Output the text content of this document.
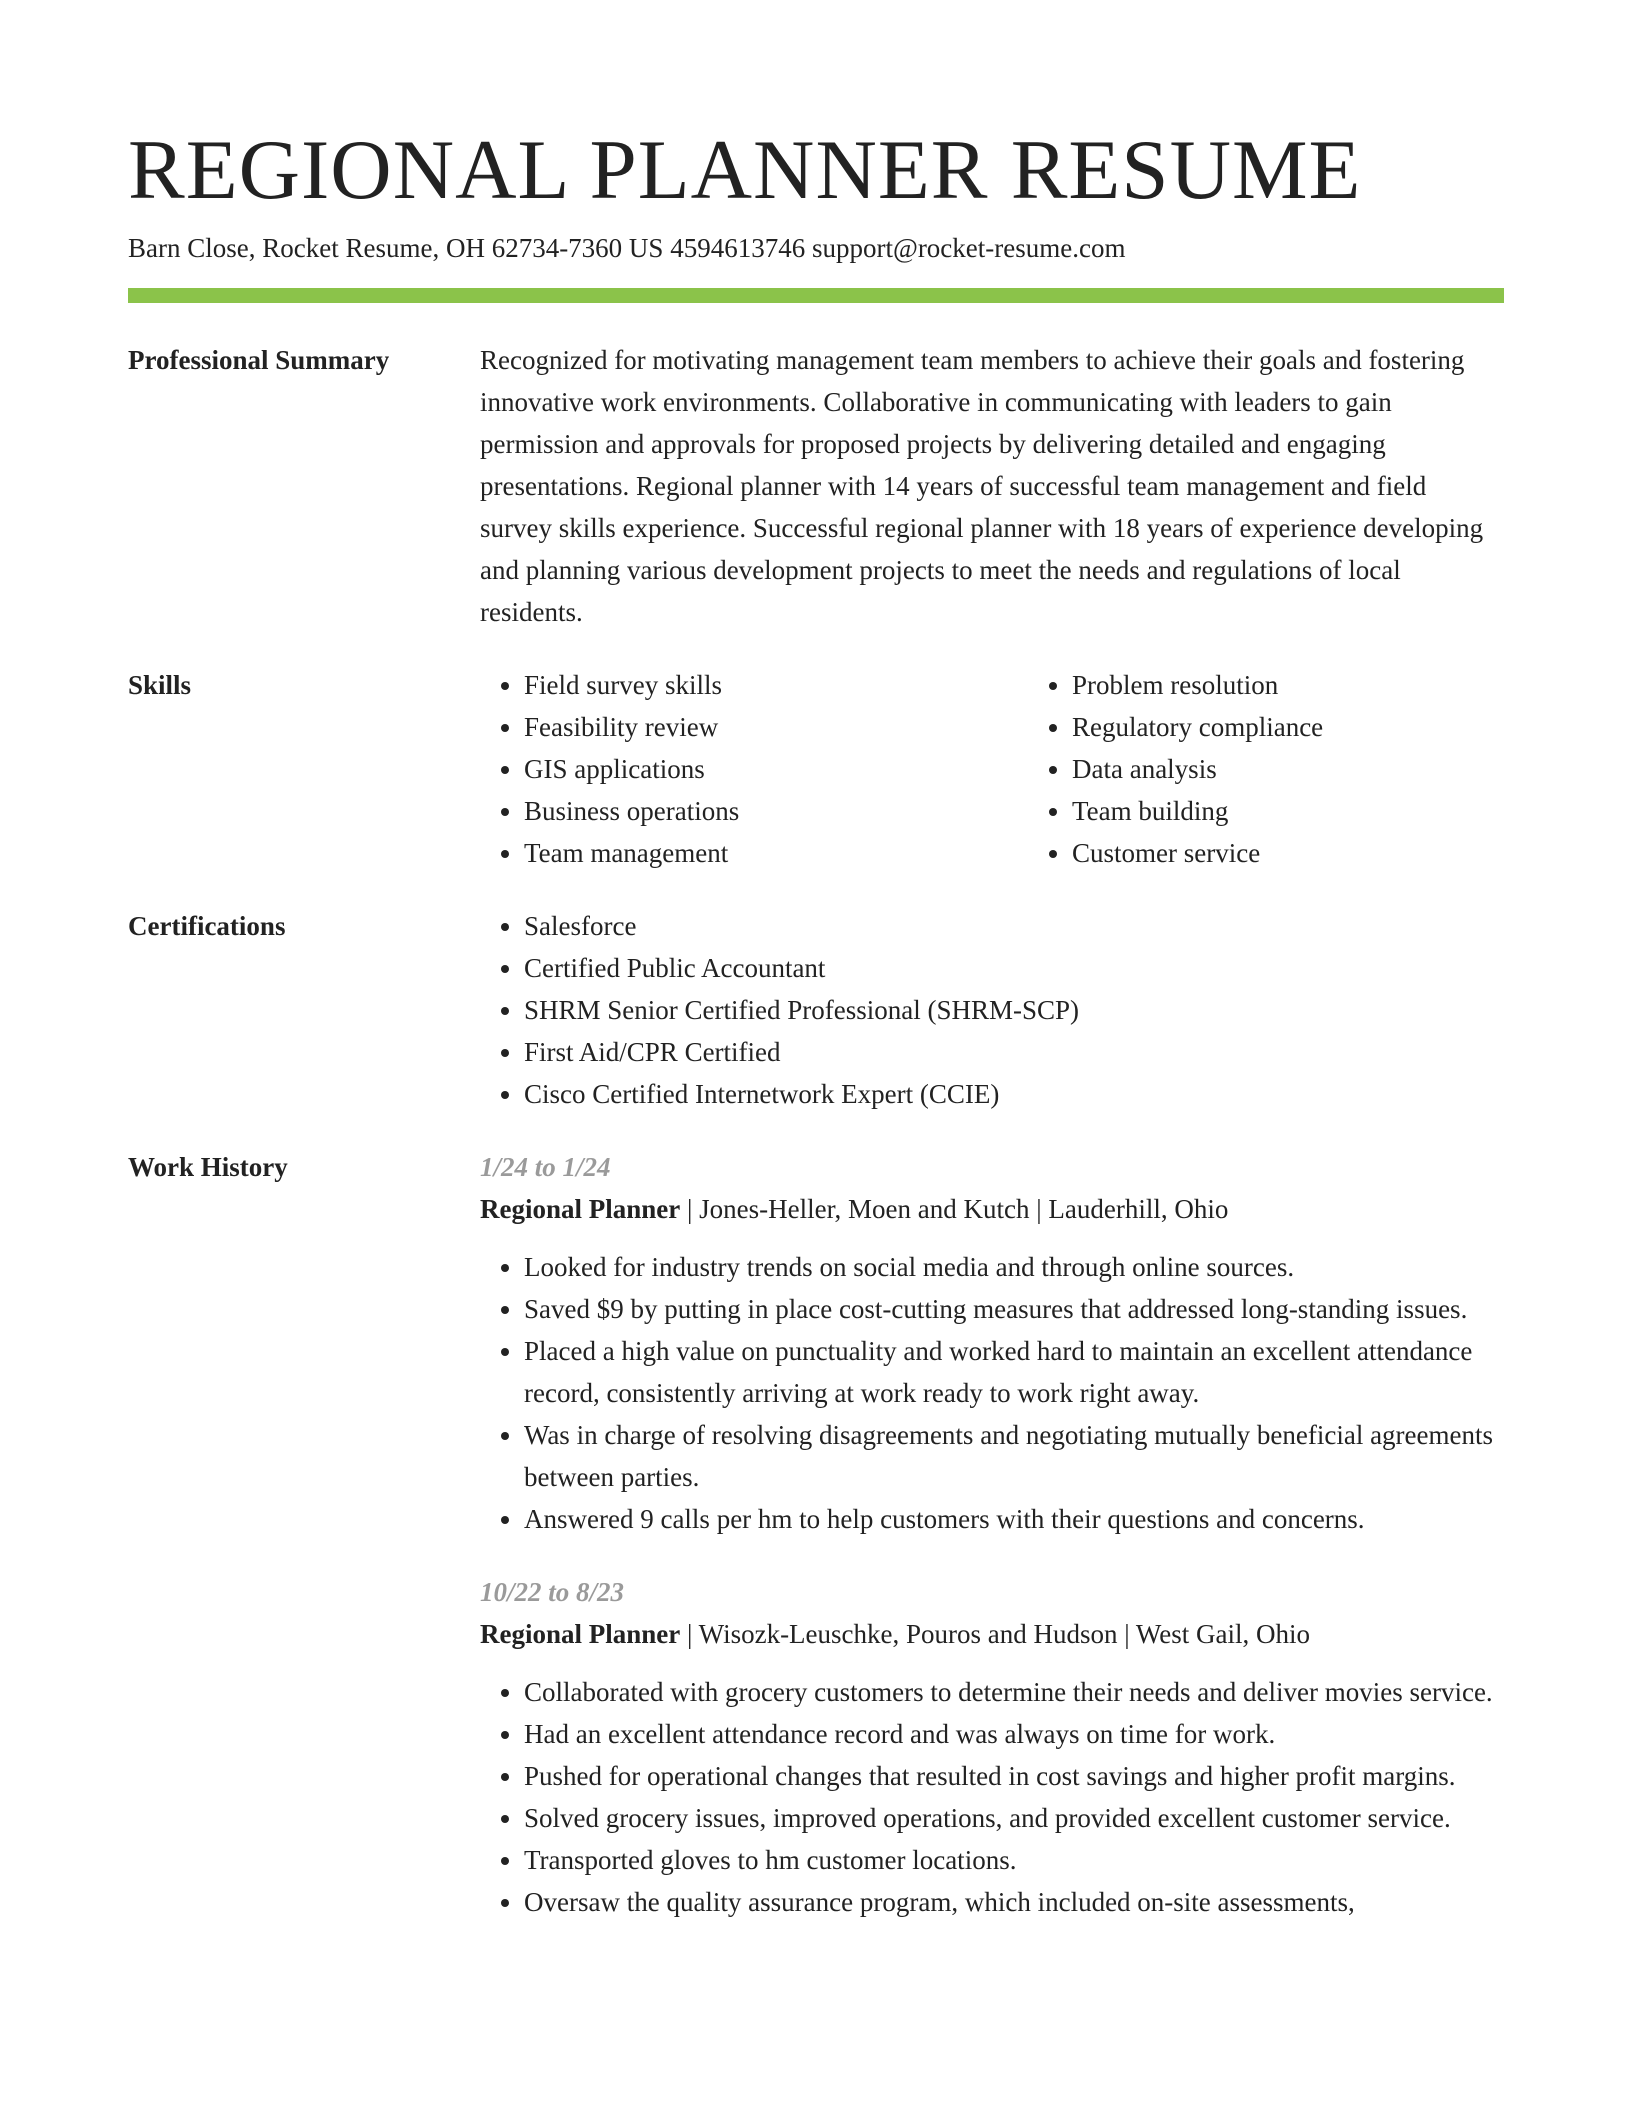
REGIONAL PLANNER RESUME
Barn Close, Rocket Resume, OH 62734-7360 US 4594613746 support@rocket-resume.com
Professional Summary	Recognized for motivating management team members to achieve their goals and fostering innovative work environments. Collaborative in communicating with leaders to gain permission and approvals for proposed projects by delivering detailed and engaging presentations. Regional planner with 14 years of successful team management and field survey skills experience. Successful regional planner with 18 years of experience developing and planning various development projects to meet the needs and regulations of local residents.

Skills	• Field survey skills
• Feasibility review
• GIS applications
• Business operations
• Team management
• Problem resolution
• Regulatory compliance
• Data analysis
• Team building
• Customer service
Certifications	• Salesforce
• Certified Public Accountant
• SHRM Senior Certified Professional (SHRM-SCP)
• First Aid/CPR Certified
• Cisco Certified Internetwork Expert (CCIE)
Work History	1/24 to 1/24
Regional Planner | Jones-Heller, Moen and Kutch | Lauderhill, Ohio
• Looked for industry trends on social media and through online sources.
• Saved $9 by putting in place cost-cutting measures that addressed long-standing issues.
• Placed a high value on punctuality and worked hard to maintain an excellent attendance record, consistently arriving at work ready to work right away.
• Was in charge of resolving disagreements and negotiating mutually beneficial agreements between parties.
• Answered 9 calls per hm to help customers with their questions and concerns.
10/22 to 8/23
Regional Planner | Wisozk-Leuschke, Pouros and Hudson | West Gail, Ohio
• Collaborated with grocery customers to determine their needs and deliver movies service.
• Had an excellent attendance record and was always on time for work.
• Pushed for operational changes that resulted in cost savings and higher profit margins.
• Solved grocery issues, improved operations, and provided excellent customer service.
• Transported gloves to hm customer locations.
• Oversaw the quality assurance program, which included on-site assessments,
